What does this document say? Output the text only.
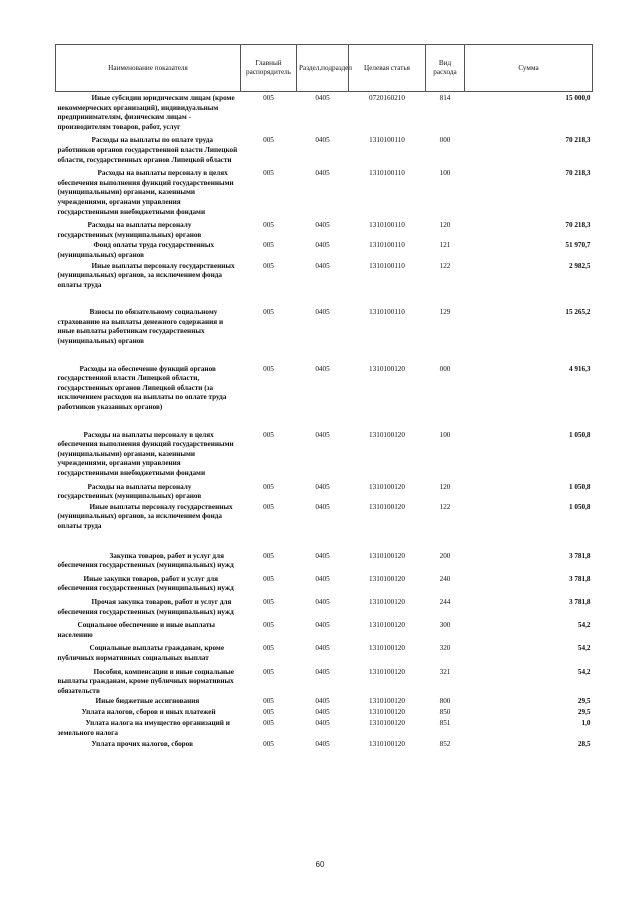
Наименование показателя	Главный распорядитель	Раздел,подраздел	Целевая статья	Вид расхода	Сумма
Иные субсидии юридическим лицам (кроме некоммерческих организаций), индивидуальным предпринимателям, физическим лицам - производителям товаров, работ, услуг	005	0405	0720160210	814	15 000,0
Расходы на выплаты по оплате труда работников органов государственной власти Липецкой области, государственных органов Липецкой области	005	0405	1310100110	000	70 218,3
Расходы на выплаты персоналу в целях обеспечения выполнения функций государственными (муниципальными) органами, казенными учреждениями, органами управления государственными внебюджетными фондами	005	0405	1310100110	100	70 218,3
Расходы на выплаты персоналу государственных (муниципальных) органов	005	0405	1310100110	120	70 218,3
Фонд оплаты труда государственных (муниципальных) органов	005	0405	1310100110	121	51 970,7
Иные выплаты персоналу государственных (муниципальных) органов, за исключением фонда оплаты труда	005	0405	1310100110	122	2 982,5
Взносы по обязательному социальному страхованию на выплаты денежного содержания и иные выплаты работникам государственных (муниципальных) органов	005	0405	1310100110	129	15 265,2
Расходы на обеспечение функций органов государственной власти Липецкой области, государственных органов Липецкой области (за исключением расходов на выплаты по оплате труда работников указанных органов)	005	0405	1310100120	000	4 916,3
Расходы на выплаты персоналу в целях обеспечения выполнения функций государственными (муниципальными) органами, казенными учреждениями, органами управления государственными внебюджетными фондами	005	0405	1310100120	100	1 050,8
Расходы на выплаты персоналу государственных (муниципальных) органов	005	0405	1310100120	120	1 050,8
Иные выплаты персоналу государственных (муниципальных) органов, за исключением фонда оплаты труда	005	0405	1310100120	122	1 050,8
Закупка товаров, работ и услуг для обеспечения государственных (муниципальных) нужд	005	0405	1310100120	200	3 781,8
Иные закупки товаров, работ и услуг для обеспечения государственных (муниципальных) нужд	005	0405	1310100120	240	3 781,8
Прочая закупка товаров, работ и услуг для обеспечения государственных (муниципальных) нужд	005	0405	1310100120	244	3 781,8
Социальное обеспечение и иные выплаты населению	005	0405	1310100120	300	54,2
Социальные выплаты гражданам, кроме публичных нормативных социальных выплат	005	0405	1310100120	320	54,2
Пособия, компенсации и иные социальные выплаты гражданам, кроме публичных нормативных обязательств	005	0405	1310100120	321	54,2
Иные бюджетные ассигнования	005	0405	1310100120	800	29,5
Уплата налогов, сборов и иных платежей	005	0405	1310100120	850	29,5
Уплата налога на имущество организаций и земельного налога	005	0405	1310100120	851	1,0
Уплата прочих налогов, сборов	005	0405	1310100120	852	28,5
60
